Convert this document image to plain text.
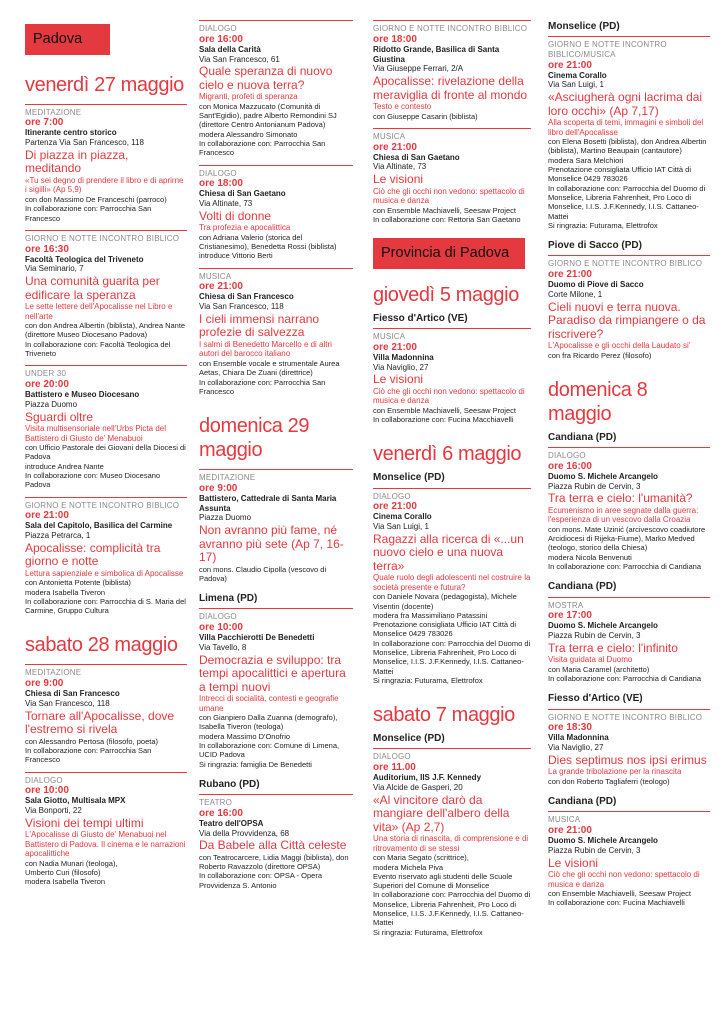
Padova
venerdì 27 maggio
MEDITAZIONE
ore 7:00
Itinerante centro storico
Partenza Via San Francesco, 118
Di piazza in piazza, meditando
«Tu sei degno di prendere il libro e di aprirne i sigilli» (Ap 5,9)
con don Massimo De Franceschi (parroco)
In collaborazione con: Parrocchia San Francesco
GIORNO E NOTTE INCONTRO BIBLICO
ore 16:30
Facoltà Teologica del Triveneto
Via Seminario, 7
Una comunità guarita per edificare la speranza
Le sette lettere dell'Apocalisse nel Libro e nell'arte
con don Andrea Albertin (biblista), Andrea Nante (direttore Museo Diocesano Padova)
In collaborazione con: Facoltà Teologica del Triveneto
UNDER 30
ore 20:00
Battistero e Museo Diocesano
Piazza Duomo
Sguardi oltre
Visita multisensoriale nell'Urbs Picta del Battistero di Giusto de' Menabuoi
con Ufficio Pastorale dei Giovani della Diocesi di Padova
introduce Andrea Nante
In collaborazione con: Museo Diocesano Padova
GIORNO E NOTTE INCONTRO BIBLICO
ore 21:00
Sala del Capitolo, Basilica del Carmine
Piazza Petrarca, 1
Apocalisse: complicità tra giorno e notte
Lettura sapienziale e simbolica di Apocalisse
con Antonietta Potente (biblista)
modera Isabella Tiveron
In collaborazione con: Parrocchia di S. Maria del Carmine, Gruppo Cultura
sabato 28 maggio
MEDITAZIONE
ore 9:00
Chiesa di San Francesco
Via San Francesco, 118
Tornare all'Apocalisse, dove l'estremo si rivela
con Alessandro Pertosa (filosofo, poeta)
In collaborazione con: Parrocchia San Francesco
DIALOGO
ore 10:00
Sala Giotto, Multisala MPX
Via Bonporti, 22
Visioni dei tempi ultimi
L'Apocalisse di Giusto de' Menabuoi nel Battistero di Padova. Il cinema e le narrazioni apocalittiche
con Nadia Munari (teologa),
Umberto Curi (filosofo)
modera Isabella Tiveron
DIALOGO
ore 16:00
Sala della Carità
Via San Francesco, 61
Quale speranza di nuovo cielo e nuova terra?
Migranti, profeti di speranza
con Monica Mazzucato (Comunità di Sant'Egidio), padre Alberto Remondini SJ (direttore Centro Antonianum Padova)
modera Alessandro Simonato
In collaborazione con: Parrocchia San Francesco
DIALOGO
ore 18:00
Chiesa di San Gaetano
Via Altinate, 73
Volti di donne
Tra profezia e apocalittica
con Adriana Valerio (storica del Cristianesimo), Benedetta Rossi (biblista)
introduce Vittorio Berti
MUSICA
ore 21:00
Chiesa di San Francesco
Via San Francesco, 118
I cieli immensi narrano profezie di salvezza
I salmi di Benedetto Marcello e di altri autori del barocco italiano
con Ensemble vocale e strumentale Aurea Aetas, Chiara De Zuani (direttrice)
In collaborazione con: Parrocchia San Francesco
domenica 29 maggio
MEDITAZIONE
ore 9:00
Battistero, Cattedrale di Santa Maria Assunta
Piazza Duomo
Non avranno più fame, né avranno più sete (Ap 7, 16-17)
con mons. Claudio Cipolla (vescovo di Padova)
Limena (PD)
DIALOGO
ore 10:00
Villa Pacchierotti De Benedetti
Via Tavello, 8
Democrazia e sviluppo: tra tempi apocalittici e apertura a tempi nuovi
Intrecci di socialità, contesti e geografie umane
con Gianpiero Dalla Zuanna (demografo), Isabella Tiveron (teologa)
modera Massimo D'Onofrio
In collaborazione con: Comune di Limena, UCID Padova
Si ringrazia: famiglia De Benedetti
Rubano (PD)
TEATRO
ore 16:00
Teatro dell'OPSA
Via della Provvidenza, 68
Da Babele alla Città celeste
con Teatrocarcere, Lidia Maggi (biblista), don Roberto Ravazzolo (direttore OPSA)
In collaborazione con: OPSA - Opera Provvidenza S. Antonio
GIORNO E NOTTE INCONTRO BIBLICO
ore 18:00
Ridotto Grande, Basilica di Santa Giustina
Via Giuseppe Ferrari, 2/A
Apocalisse: rivelazione della meraviglia di fronte al mondo
Testo e contesto
con Giuseppe Casarin (biblista)
MUSICA
ore 21:00
Chiesa di San Gaetano
Via Altinate, 73
Le visioni
Ciò che gli occhi non vedono: spettacolo di musica e danza
con Ensemble Machiavelli, Seesaw Project
In collaborazione con: Rettoria San Gaetano
Provincia di Padova
giovedì 5 maggio
Fiesso d'Artico (VE)
MUSICA
ore 21:00
Villa Madonnina
Via Naviglio, 27
Le visioni
Ciò che gli occhi non vedono: spettacolo di musica e danza
con Ensemble Machiavelli, Seesaw Project
In collaborazione con: Fucina Macchiavelli
venerdì 6 maggio
Monselice (PD)
DIALOGO
ore 21:00
Cinema Corallo
Via San Luigi, 1
Ragazzi alla ricerca di «...un nuovo cielo e una nuova terra»
Quale ruolo degli adolescenti nel costruire la società presente e futura?
con Daniele Novara (pedagogista), Michele Visentin (docente)
modera fra Massimiliano Patassini
Prenotazione consigliata Ufficio IAT Città di Monselice 0429 783026
In collaborazione con: Parrocchia del Duomo di Monselice, Libreria Fahrenheit, Pro Loco di Monselice, I.I.S. J.F.Kennedy, I.I.S. Cattaneo-Mattei
Si ringrazia: Futurama, Elettrofox
sabato 7 maggio
Monselice (PD)
DIALOGO
ore 11.00
Auditorium, IIS J.F. Kennedy
Via Alcide de Gasperi, 20
«Al vincitore darò da mangiare dell'albero della vita» (Ap 2,7)
Una storia di rinascita, di comprensione e di ritrovamento di se stessi
con Maria Segato (scrittrice),
modera Michela Piva
Evento riservato agli studenti delle Scuole Superiori del Comune di Monselice
In collaborazione con: Parrocchia del Duomo di Monselice, Libreria Fahrenheit, Pro Loco di Monselice, I.I.S. J.F.Kennedy, I.I.S. Cattaneo-Mattei
Si ringrazia: Futurama, Elettrofox
Monselice (PD)
GIORNO E NOTTE INCONTRO BIBLICO/MUSICA
ore 21:00
Cinema Corallo
Via San Luigi, 1
«Asciugherà ogni lacrima dai loro occhi» (Ap 7,17)
Alla scoperta di temi, immagini e simboli del libro dell'Apocalisse
con Elena Bosetti (biblista), don Andrea Albertin (biblista), Martino Beaupain (cantautore)
modera Sara Melchiori
Prenotazione consigliata Ufficio IAT Città di Monselice 0429 783026
In collaborazione con: Parrocchia del Duomo di Monselice, Libreria Fahrenheit, Pro Loco di Monselice, I.I.S. J.F.Kennedy, I.I.S. Cattaneo-Mattei
Si ringrazia: Futurama, Elettrofox
Piove di Sacco (PD)
GIORNO E NOTTE INCONTRO BIBLICO
ore 21:00
Duomo di Piove di Sacco
Corte Milone, 1
Cieli nuovi e terra nuova. Paradiso da rimpiangere o da riscrivere?
L'Apocalisse e gli occhi della Laudato si'
con fra Ricardo Perez (filosofo)
domenica 8 maggio
Candiana (PD)
DIALOGO
ore 16:00
Duomo S. Michele Arcangelo
Piazza Rubin de Cervin, 3
Tra terra e cielo: l'umanità?
Ecumenismo in aree segnate dalla guerra: l'esperienza di un vescovo dalla Croazia
con mons. Mate Uzinić (arcivescovo coadiutore Arcidiocesi di Rijeka-Fiume), Marko Medved (teologo, storico della Chiesa)
modera Nicola Benvenuti
In collaborazione con: Parrocchia di Candiana
Candiana (PD)
MOSTRA
ore 17:00
Duomo S. Michele Arcangelo
Piazza Rubin de Cervin, 3
Tra terra e cielo: l'infinito
Visita guidata al Duomo
con Maria Caramel (architetto)
In collaborazione con: Parrocchia di Candiana
Fiesso d'Artico (VE)
GIORNO E NOTTE INCONTRO BIBLICO
ore 18:30
Villa Madonnina
Via Naviglio, 27
Dies septimus nos ipsi erimus
La grande tribolazione per la rinascita
con don Roberto Tagliaferri (teologo)
Candiana (PD)
MUSICA
ore 21:00
Duomo S. Michele Arcangelo
Piazza Rubin de Cervin, 3
Le visioni
Ciò che gli occhi non vedono: spettacolo di musica e danza
con Ensemble Machiavelli, Seesaw Project
In collaborazione con: Fucina Machiavelli
